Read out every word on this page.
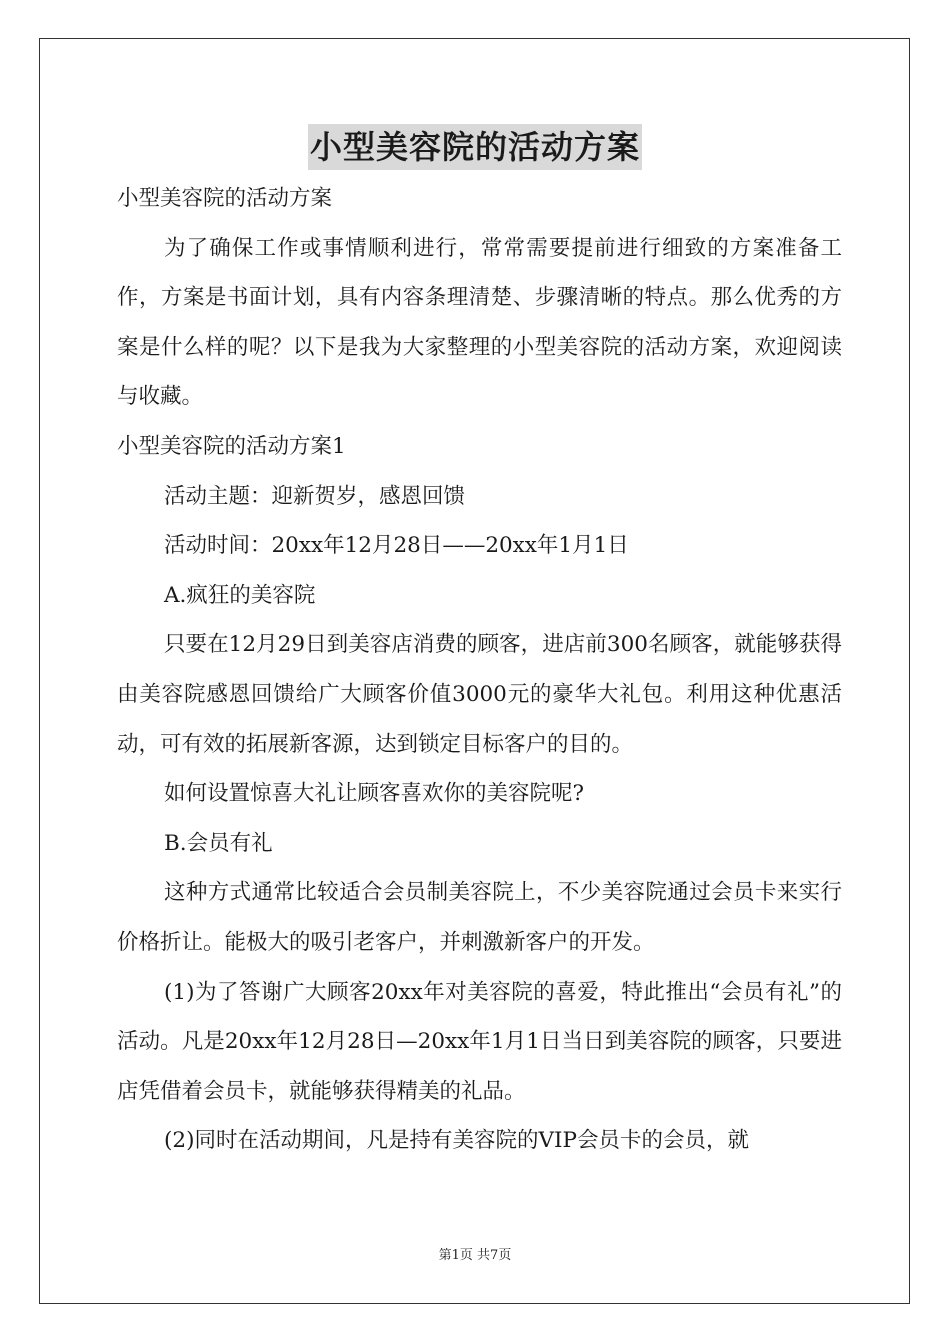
小型美容院的活动方案

小型美容院的活动方案

为了确保工作或事情顺利进行，常常需要提前进行细致的方案准备工作，方案是书面计划，具有内容条理清楚、步骤清晰的特点。那么优秀的方案是什么样的呢？以下是我为大家整理的小型美容院的活动方案，欢迎阅读与收藏。

小型美容院的活动方案1

活动主题：迎新贺岁，感恩回馈

活动时间：20xx年12月28日——20xx年1月1日

A.疯狂的美容院

只要在12月29日到美容店消费的顾客，进店前300名顾客，就能够获得由美容院感恩回馈给广大顾客价值3000元的豪华大礼包。利用这种优惠活动，可有效的拓展新客源，达到锁定目标客户的目的。

如何设置惊喜大礼让顾客喜欢你的美容院呢?

B.会员有礼

这种方式通常比较适合会员制美容院上，不少美容院通过会员卡来实行价格折让。能极大的吸引老客户，并刺激新客户的开发。

(1)为了答谢广大顾客20xx年对美容院的喜爱，特此推出“会员有礼”的活动。凡是20xx年12月28日—20xx年1月1日当日到美容院的顾客，只要进店凭借着会员卡，就能够获得精美的礼品。

(2)同时在活动期间，凡是持有美容院的VIP会员卡的会员，就

第1页 共7页
